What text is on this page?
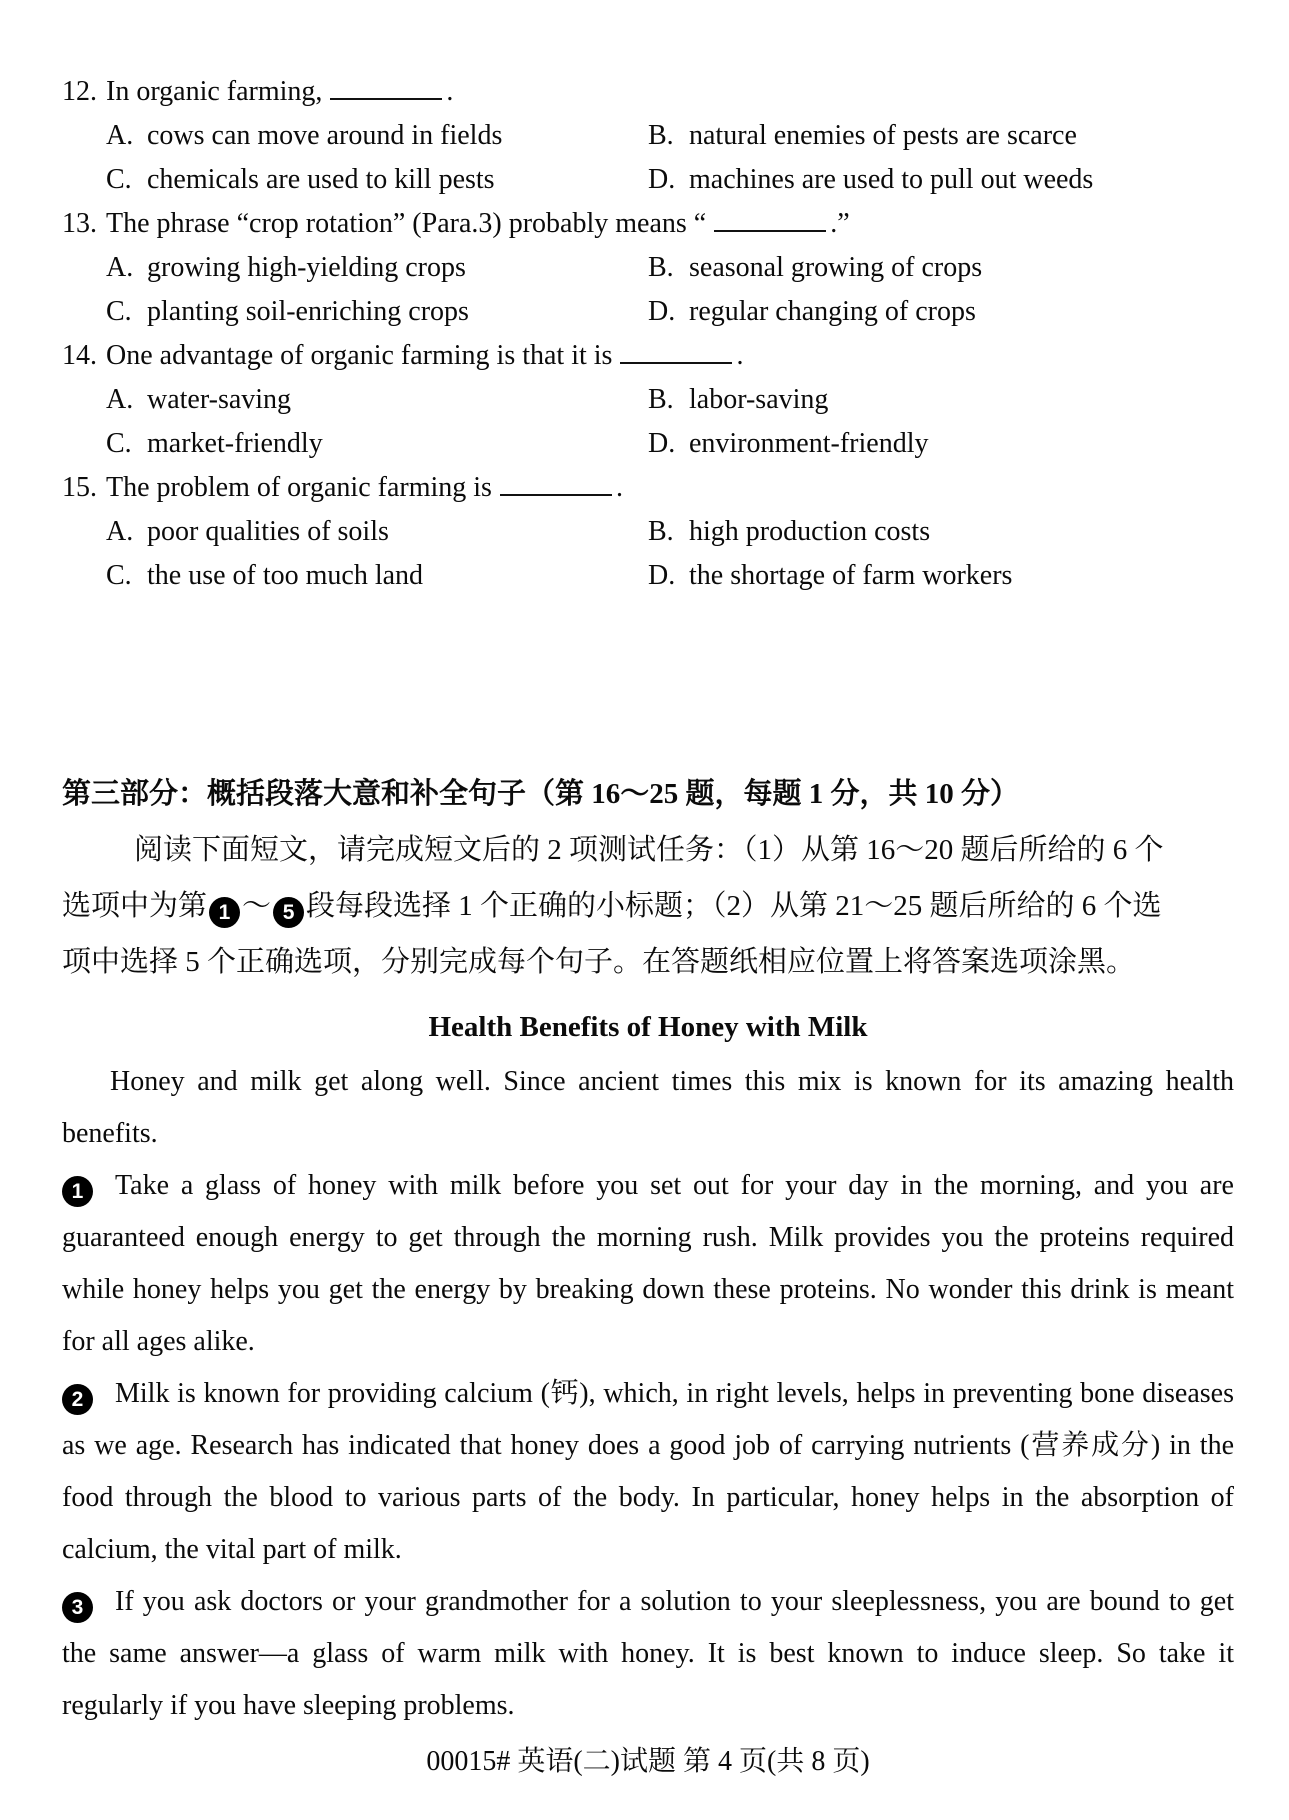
12. In organic farming,	.
A. cows can move around in fields	B. natural enemies of pests are scarce
C. chemicals are used to kill pests	D. machines are used to pull out weeds
13. The phrase “crop rotation” (Para.3) probably means “	.”
A. growing high-yielding crops	B. seasonal growing of crops
C. planting soil-enriching crops	D. regular changing of crops
14. One advantage of organic farming is that it is	.
A. water-saving	B. labor-saving
C. market-friendly	D. environment-friendly
15. The problem of organic farming is	.
A. poor qualities of soils	B. high production costs
C. the use of too much land	D. the shortage of farm workers
第三部分：概括段落大意和补全句子（第 16～25 题，每题 1 分，共 10 分）
阅读下面短文，请完成短文后的 2 项测试任务：（1）从第 16～20 题后所给的 6 个
选项中为第 1 ～ 5 段每段选择 1 个正确的小标题；（2）从第 21～25 题后所给的 6 个选
项中选择 5 个正确选项，分别完成每个句子。在答题纸相应位置上将答案选项涂黑。
Health Benefits of Honey with Milk

Honey and milk get along well. Since ancient times this mix is known for its amazing health benefits.

1 Take a glass of honey with milk before you set out for your day in the morning, and you are guaranteed enough energy to get through the morning rush. Milk provides you the proteins required while honey helps you get the energy by breaking down these proteins. No wonder this drink is meant for all ages alike.

2 Milk is known for providing calcium (钙), which, in right levels, helps in preventing bone diseases as we age. Research has indicated that honey does a good job of carrying nutrients (营养成分) in the food through the blood to various parts of the body. In particular, honey helps in the absorption of calcium, the vital part of milk.

3 If you ask doctors or your grandmother for a solution to your sleeplessness, you are bound to get the same answer—a glass of warm milk with honey. It is best known to induce sleep. So take it regularly if you have sleeping problems.

00015# 英语(二)试题 第 4 页(共 8 页)
